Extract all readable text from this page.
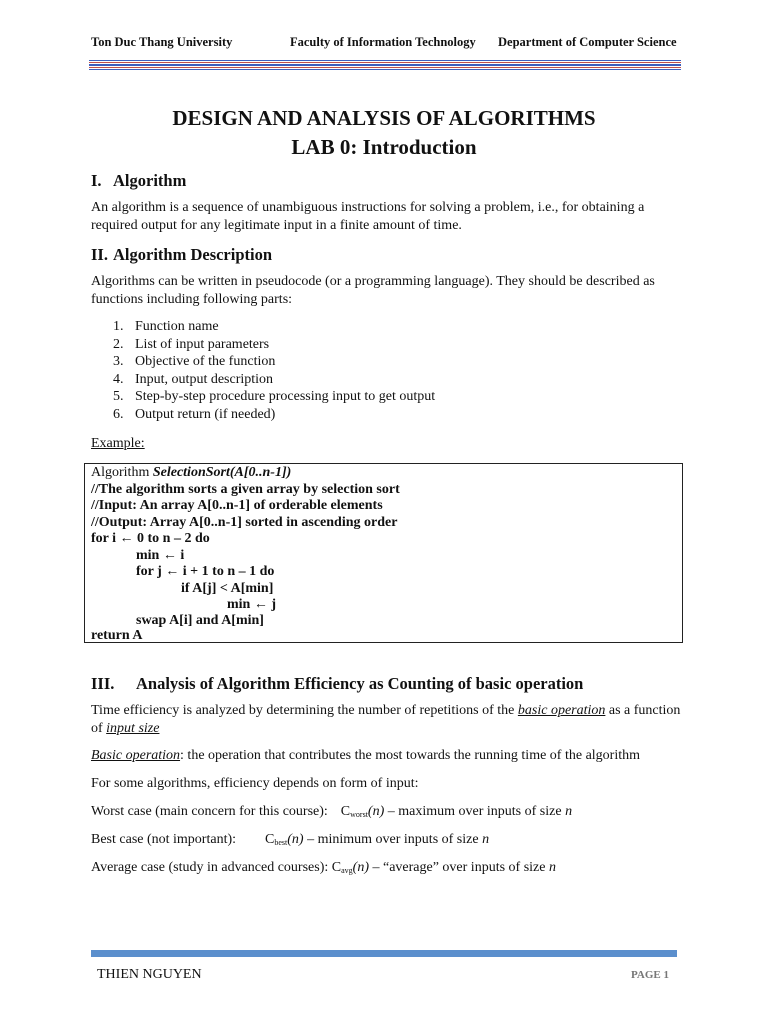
Ton Duc Thang University	Faculty of Information Technology Department of Computer Science
DESIGN AND ANALYSIS OF ALGORITHMS
LAB 0: Introduction
I. Algorithm
An algorithm is a sequence of unambiguous instructions for solving a problem, i.e., for obtaining a
required output for any legitimate input in a finite amount of time.
II. Algorithm Description
Algorithms can be written in pseudocode (or a programming language). They should be described as
functions including following parts:
1. Function name
2. List of input parameters
3. Objective of the function
4. Input, output description
5. Step-by-step procedure processing input to get output
6. Output return (if needed)
Example:
Algorithm SelectionSort(A[0..n-1])
//The algorithm sorts a given array by selection sort
//Input: An array A[0..n-1] of orderable elements
//Output: Array A[0..n-1] sorted in ascending order
for i ← 0 to n – 2 do
min ← i
for j ← i + 1 to n – 1 do
if A[j] < A[min]
min ← j
swap A[i] and A[min]
return A
III. Analysis of Algorithm Efficiency as Counting of basic operation
Time efficiency is analyzed by determining the number of repetitions of the basic operation as a function
of input size
Basic operation: the operation that contributes the most towards the running time of the algorithm
For some algorithms, efficiency depends on form of input:
Worst case (main concern for this course): $C_{worst}(n)$ – maximum over inputs of size n
Best case (not important): $C_{best}(n)$ – minimum over inputs of size n
Average case (study in advanced courses): $C_{avg}(n)$ – “average” over inputs of size n
THIEN NGUYEN	PAGE 1
